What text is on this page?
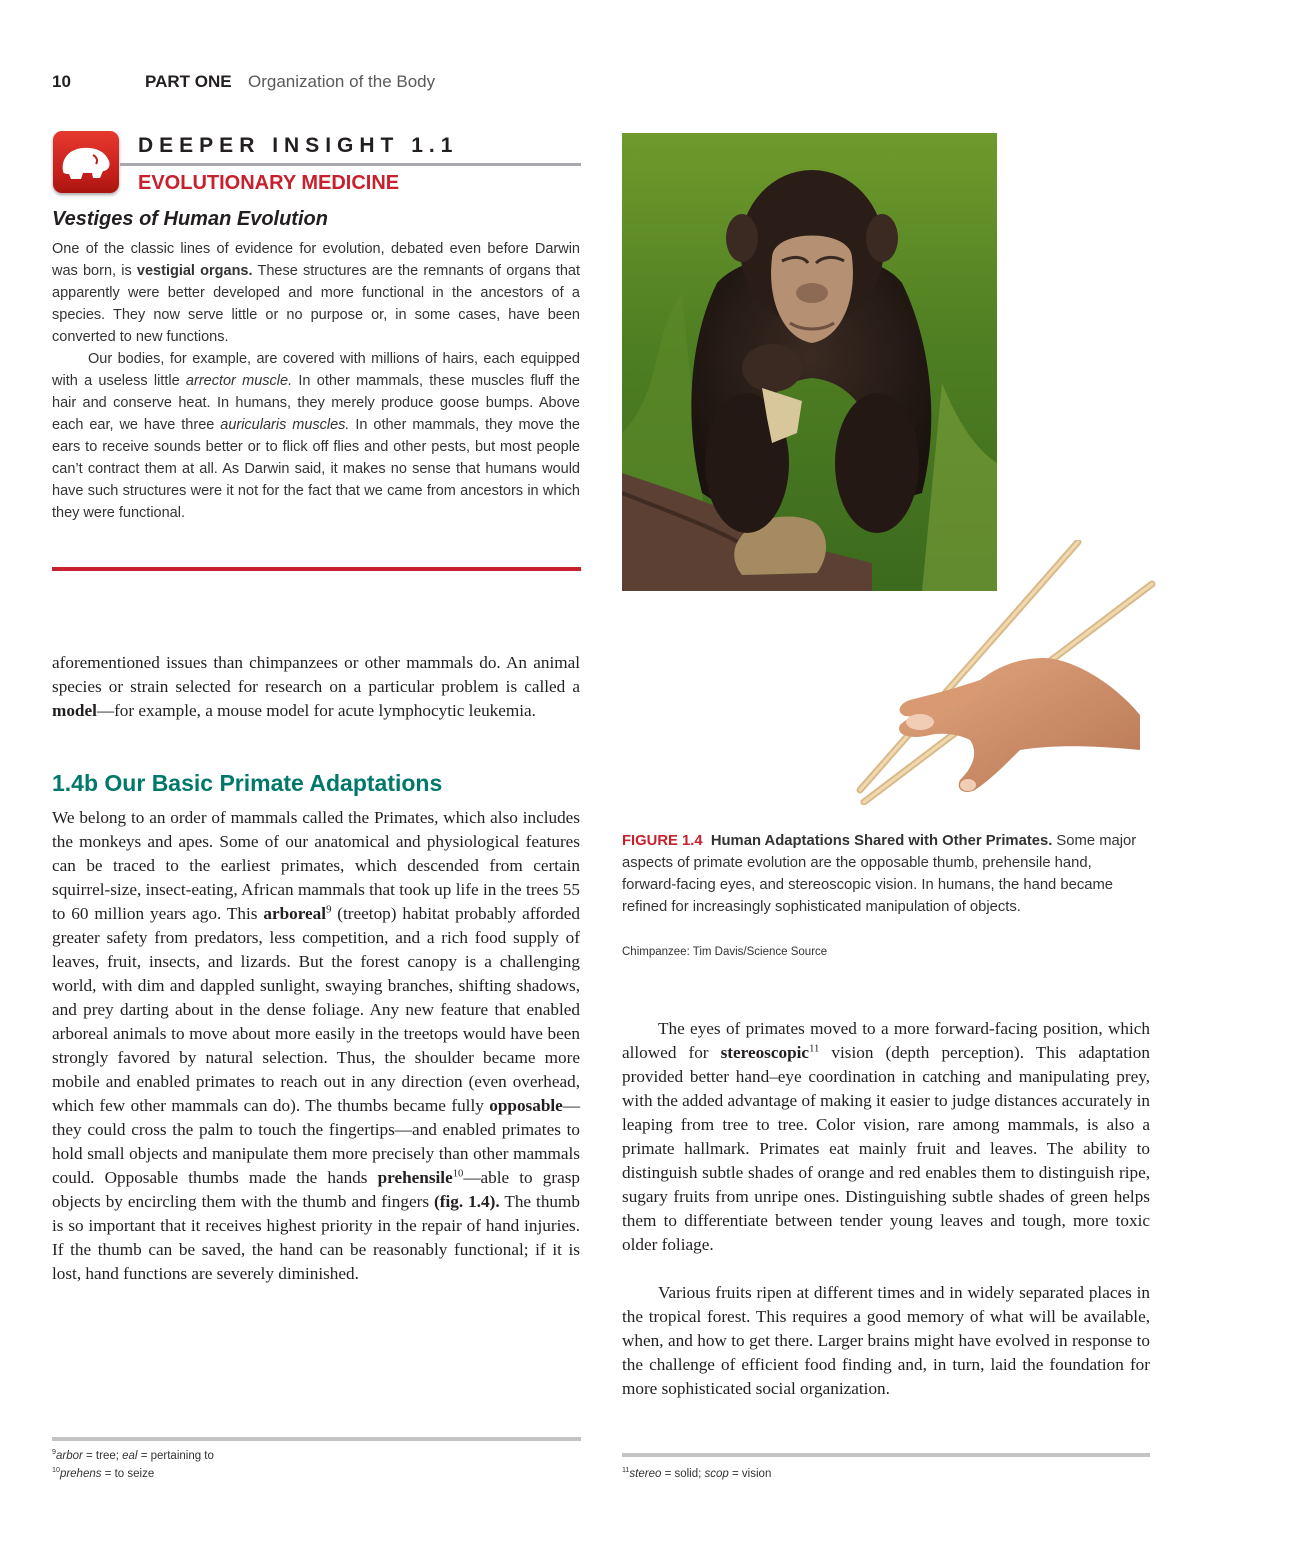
10	PART ONE Organization of the Body
DEEPER INSIGHT 1.1
EVOLUTIONARY MEDICINE
Vestiges of Human Evolution
One of the classic lines of evidence for evolution, debated even before Darwin was born, is vestigial organs. These structures are the remnants of organs that apparently were better developed and more functional in the ancestors of a species. They now serve little or no purpose or, in some cases, have been converted to new functions.
Our bodies, for example, are covered with millions of hairs, each equipped with a useless little arrector muscle. In other mammals, these muscles fluff the hair and conserve heat. In humans, they merely produce goose bumps. Above each ear, we have three auricularis muscles. In other mammals, they move the ears to receive sounds better or to flick off flies and other pests, but most people can’t contract them at all. As Darwin said, it makes no sense that humans would have such structures were it not for the fact that we came from ancestors in which they were functional.
aforementioned issues than chimpanzees or other mammals do. An animal species or strain selected for research on a particular problem is called a model—for example, a mouse model for acute lymphocytic leukemia.
1.4b Our Basic Primate Adaptations
We belong to an order of mammals called the Primates, which also includes the monkeys and apes. Some of our anatomical and physiological features can be traced to the earliest primates, which descended from certain squirrel-size, insect-eating, African mammals that took up life in the trees 55 to 60 million years ago. This arboreal$^9$ (treetop) habitat probably afforded greater safety from predators, less competition, and a rich food supply of leaves, fruit, insects, and lizards. But the forest canopy is a challenging world, with dim and dappled sunlight, swaying branches, shifting shadows, and prey darting about in the dense foliage. Any new feature that enabled arboreal animals to move about more easily in the treetops would have been strongly favored by natural selection. Thus, the shoulder became more mobile and enabled primates to reach out in any direction (even overhead, which few other mammals can do). The thumbs became fully opposable—they could cross the palm to touch the fingertips—and enabled primates to hold small objects and manipulate them more precisely than other mammals could. Opposable thumbs made the hands prehensile$^{10}$—able to grasp objects by encircling them with the thumb and fingers (fig. 1.4). The thumb is so important that it receives highest priority in the repair of hand injuries. If the thumb can be saved, the hand can be reasonably functional; if it is lost, hand functions are severely diminished.
FIGURE 1.4 Human Adaptations Shared with Other Primates. Some major aspects of primate evolution are the opposable thumb, prehensile hand, forward-facing eyes, and stereoscopic vision. In humans, the hand became refined for increasingly sophisticated manipulation of objects.
Chimpanzee: Tim Davis/Science Source
The eyes of primates moved to a more forward-facing position, which allowed for stereoscopic$^{11}$ vision (depth perception). This adaptation provided better hand–eye coordination in catching and manipulating prey, with the added advantage of making it easier to judge distances accurately in leaping from tree to tree. Color vision, rare among mammals, is also a primate hallmark. Primates eat mainly fruit and leaves. The ability to distinguish subtle shades of orange and red enables them to distinguish ripe, sugary fruits from unripe ones. Distinguishing subtle shades of green helps them to differentiate between tender young leaves and tough, more toxic older foliage.
Various fruits ripen at different times and in widely separated places in the tropical forest. This requires a good memory of what will be available, when, and how to get there. Larger brains might have evolved in response to the challenge of efficient food finding and, in turn, laid the foundation for more sophisticated social organization.
$^9$arbor = tree; eal = pertaining to
$^{10}$prehens = to seize	$^{11}$stereo = solid; scop = vision
